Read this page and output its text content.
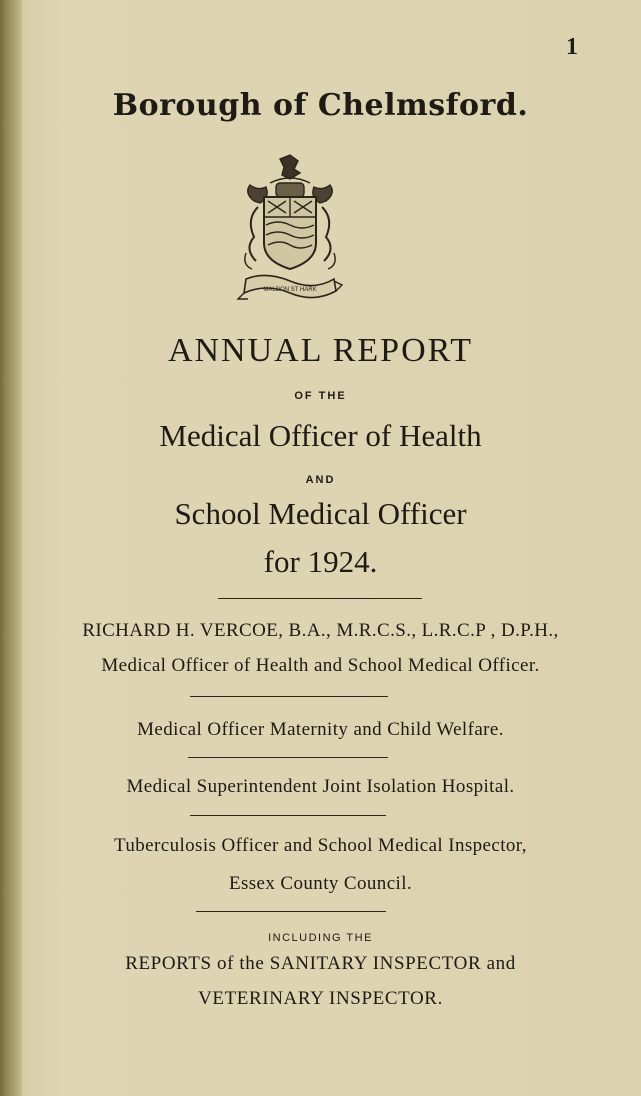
1
Borough of Chelmsford.
MALDON ST HARK
ANNUAL REPORT
OF THE
Medical Officer of Health
AND
School Medical Officer
for 1924.
RICHARD H. VERCOE, B.A., M.R.C.S., L.R.C.P , D.P.H.,
Medical Officer of Health and School Medical Officer.
Medical Officer Maternity and Child Welfare.
Medical Superintendent Joint Isolation Hospital.
Tuberculosis Officer and School Medical Inspector,
Essex County Council.
INCLUDING THE
REPORTS of the SANITARY INSPECTOR and
VETERINARY INSPECTOR.
